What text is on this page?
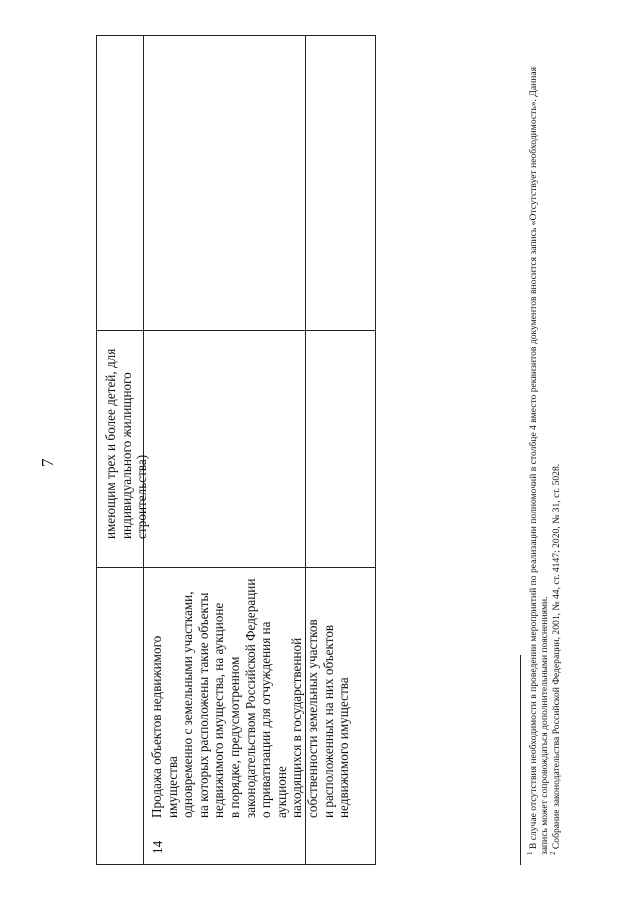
7
имеющим трех и более детей, для
индивидуального жилищного строительства)
14
Продажа объектов недвижимого имущества
одновременно с земельными участками,
на которых расположены такие объекты
недвижимого имущества, на аукционе
в порядке, предусмотренном
законодательством Российской Федерации
о приватизации для отчуждения на аукционе
находящихся в государственной
собственности земельных участков
и расположенных на них объектов
недвижимого имущества
$^1$ В случае отсутствия необходимости в проведении мероприятий по реализации полномочий в столбце 4 вместо реквизитов документов вносится запись «Отсутствует необходимость». Данная запись может сопровождаться дополнительными пояснениями.
$^2$ Собрание законодательства Российской Федерации, 2001, № 44, ст. 4147; 2020, № 31, ст. 5028.
